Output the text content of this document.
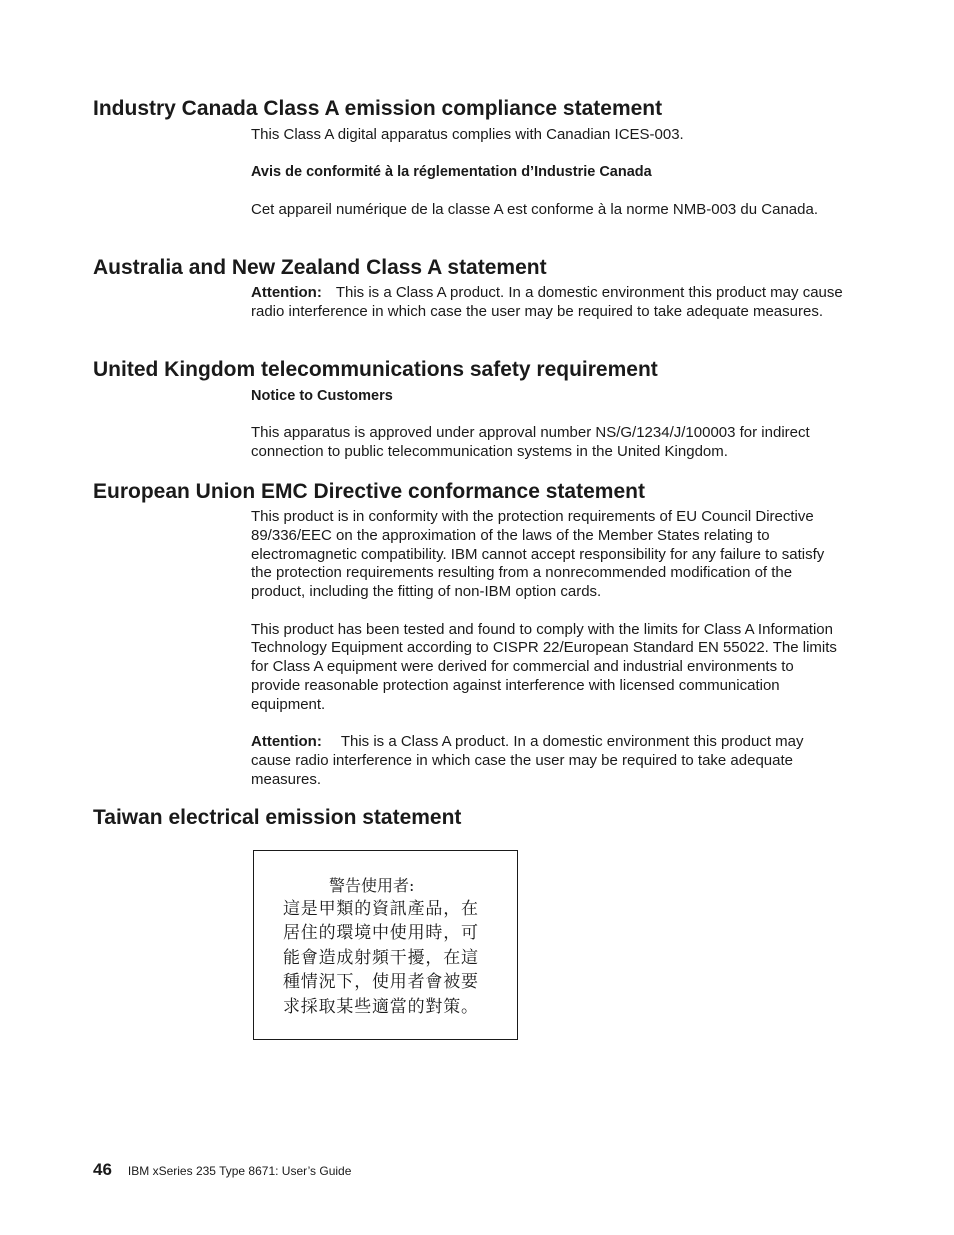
Industry Canada Class A emission compliance statement

This Class A digital apparatus complies with Canadian ICES-003.

Avis de conformité à la réglementation d’Industrie Canada

Cet appareil numérique de la classe A est conforme à la norme NMB-003 du Canada.

Australia and New Zealand Class A statement

Attention: This is a Class A product. In a domestic environment this product may cause radio interference in which case the user may be required to take adequate measures.

United Kingdom telecommunications safety requirement

Notice to Customers

This apparatus is approved under approval number NS/G/1234/J/100003 for indirect connection to public telecommunication systems in the United Kingdom.

European Union EMC Directive conformance statement

This product is in conformity with the protection requirements of EU Council Directive 89/336/EEC on the approximation of the laws of the Member States relating to electromagnetic compatibility. IBM cannot accept responsibility for any failure to satisfy the protection requirements resulting from a nonrecommended modification of the product, including the fitting of non-IBM option cards.

This product has been tested and found to comply with the limits for Class A Information Technology Equipment according to CISPR 22/European Standard EN 55022. The limits for Class A equipment were derived for commercial and industrial environments to provide reasonable protection against interference with licensed communication equipment.

Attention: This is a Class A product. In a domestic environment this product may cause radio interference in which case the user may be required to take adequate measures.

Taiwan electrical emission statement
警告使用者:
這是甲類的資訊產品，在
居住的環境中使用時，可
能會造成射頻干擾，在這
種情況下，使用者會被要
求採取某些適當的對策。
46 IBM xSeries 235 Type 8671: User’s Guide
